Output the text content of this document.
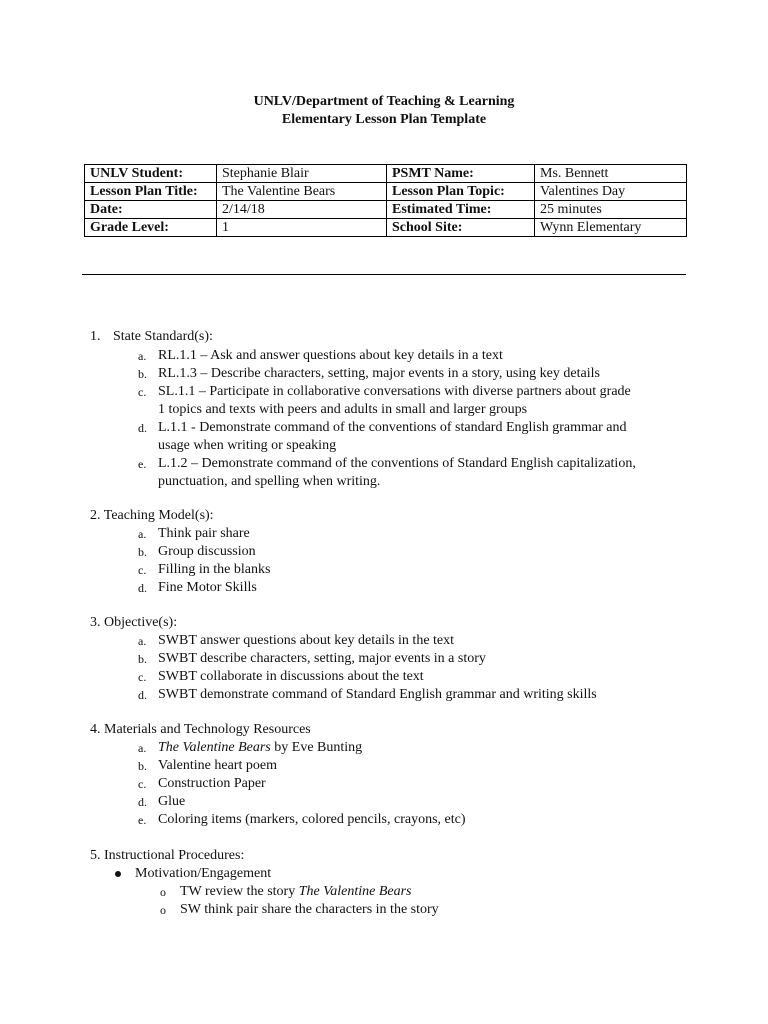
UNLV/Department of Teaching & Learning
Elementary Lesson Plan Template
UNLV Student:	Stephanie Blair	PSMT Name:	Ms. Bennett
Lesson Plan Title:	The Valentine Bears	Lesson Plan Topic:	Valentines Day
Date:	2/14/18	Estimated Time:	25 minutes
Grade Level:	1	School Site:	Wynn Elementary
1. State Standard(s):
a. RL.1.1 – Ask and answer questions about key details in a text
b. RL.1.3 – Describe characters, setting, major events in a story, using key details
c. SL.1.1 – Participate in collaborative conversations with diverse partners about grade
1 topics and texts with peers and adults in small and larger groups
d. L.1.1 - Demonstrate command of the conventions of standard English grammar and
usage when writing or speaking
e. L.1.2 – Demonstrate command of the conventions of Standard English capitalization,
punctuation, and spelling when writing.
2. Teaching Model(s):
a. Think pair share
b. Group discussion
c. Filling in the blanks
d. Fine Motor Skills
3. Objective(s):
a. SWBT answer questions about key details in the text
b. SWBT describe characters, setting, major events in a story
c. SWBT collaborate in discussions about the text
d. SWBT demonstrate command of Standard English grammar and writing skills
4. Materials and Technology Resources
a. The Valentine Bears by Eve Bunting
b. Valentine heart poem
c. Construction Paper
d. Glue
e. Coloring items (markers, colored pencils, crayons, etc)
5. Instructional Procedures:
Motivation/Engagement
o TW review the story The Valentine Bears
o SW think pair share the characters in the story
